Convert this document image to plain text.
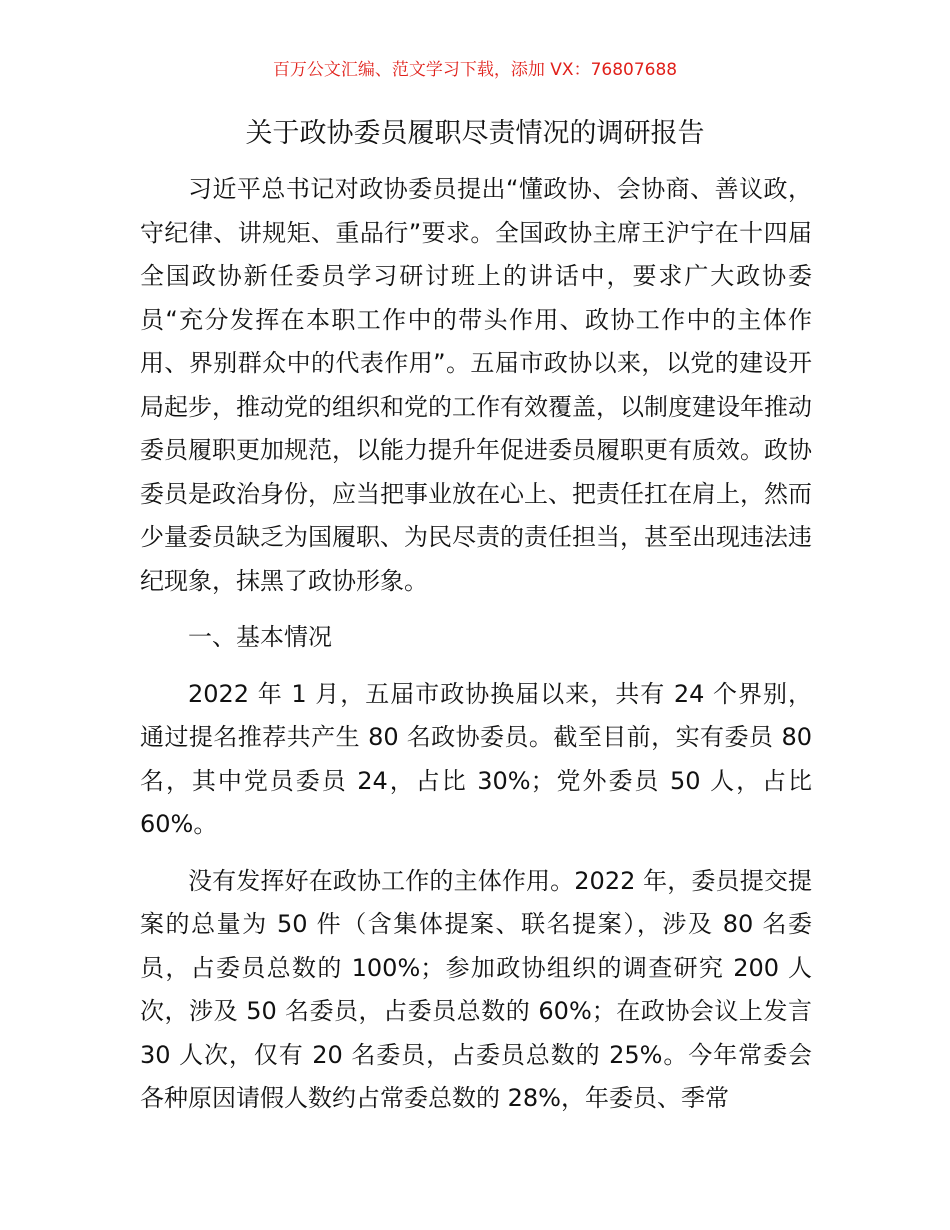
百万公文汇编、范文学习下载，添加 VX：76807688
关于政协委员履职尽责情况的调研报告

习近平总书记对政协委员提出“懂政协、会协商、善议政，守纪律、讲规矩、重品行”要求。全国政协主席王沪宁在十四届全国政协新任委员学习研讨班上的讲话中，要求广大政协委员“充分发挥在本职工作中的带头作用、政协工作中的主体作用、界别群众中的代表作用”。五届市政协以来，以党的建设开局起步，推动党的组织和党的工作有效覆盖，以制度建设年推动委员履职更加规范，以能力提升年促进委员履职更有质效。政协委员是政治身份，应当把事业放在心上、把责任扛在肩上，然而少量委员缺乏为国履职、为民尽责的责任担当，甚至出现违法违纪现象，抹黑了政协形象。

一、基本情况

2022 年 1 月，五届市政协换届以来，共有 24 个界别，通过提名推荐共产生 80 名政协委员。截至目前，实有委员 80 名，其中党员委员 24，占比 30%；党外委员 50 人，占比 60%。

没有发挥好在政协工作的主体作用。2022 年，委员提交提案的总量为 50 件（含集体提案、联名提案），涉及 80 名委员，占委员总数的 100%；参加政协组织的调查研究 200 人次，涉及 50 名委员，占委员总数的 60%；在政协会议上发言 30 人次，仅有 20 名委员，占委员总数的 25%。今年常委会各种原因请假人数约占常委总数的 28%，年委员、季常
